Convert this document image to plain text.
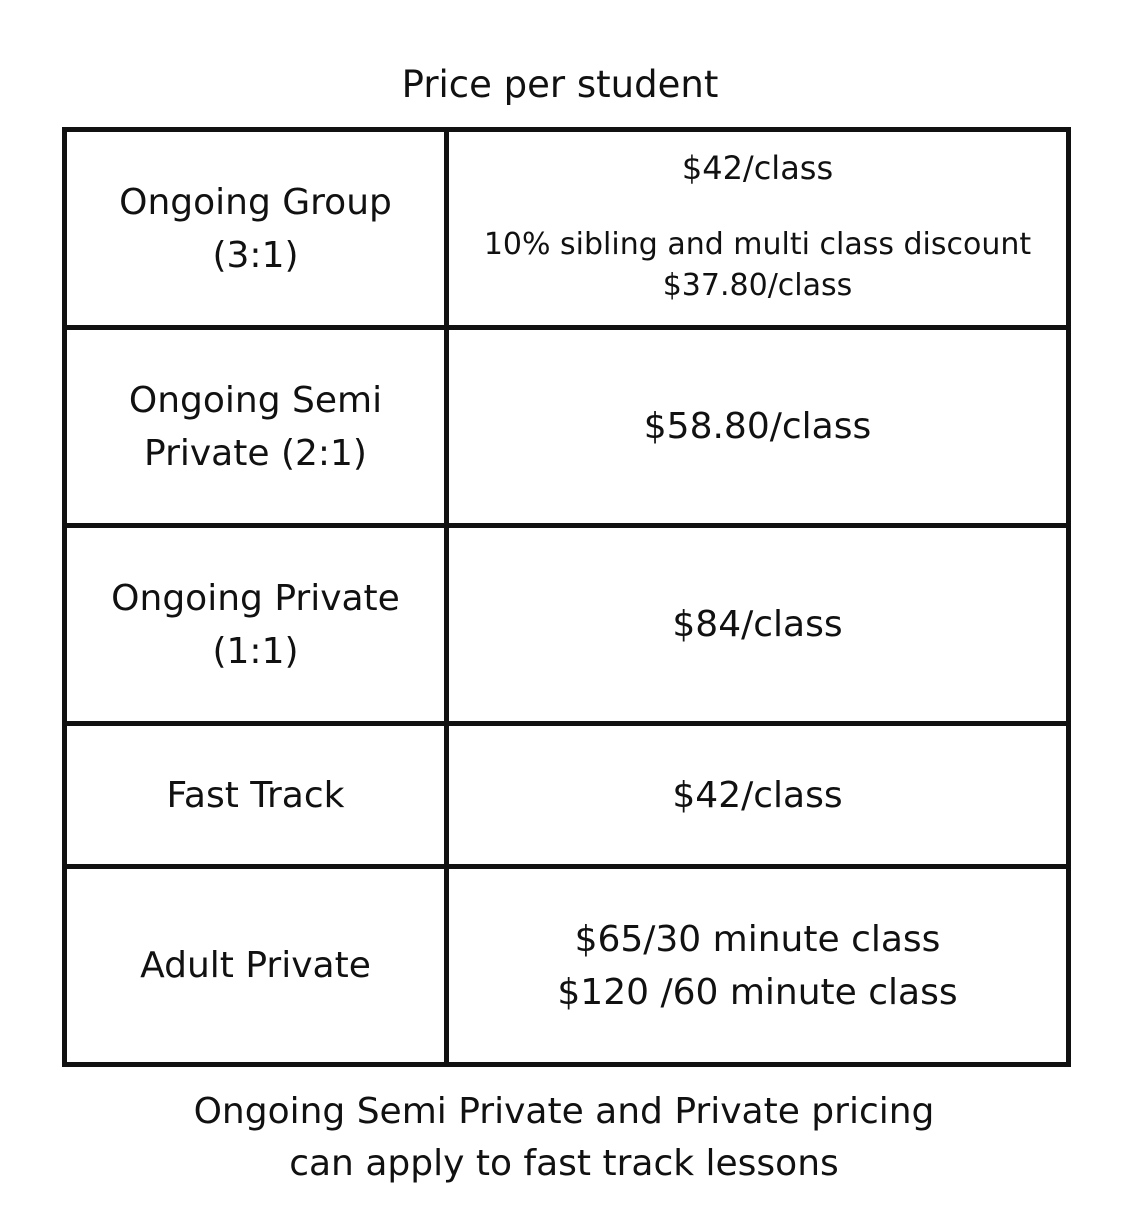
Price per student
Ongoing Group
(3:1)	$42/class
10% sibling and multi class discount
$37.80/class

Ongoing Semi
Private (2:1)	$58.80/class

Ongoing Private
(1:1)	$84/class

Fast Track	$42/class

Adult Private	$65/30 minute class
$120 /60 minute class
Ongoing Semi Private and Private pricing
can apply to fast track lessons
